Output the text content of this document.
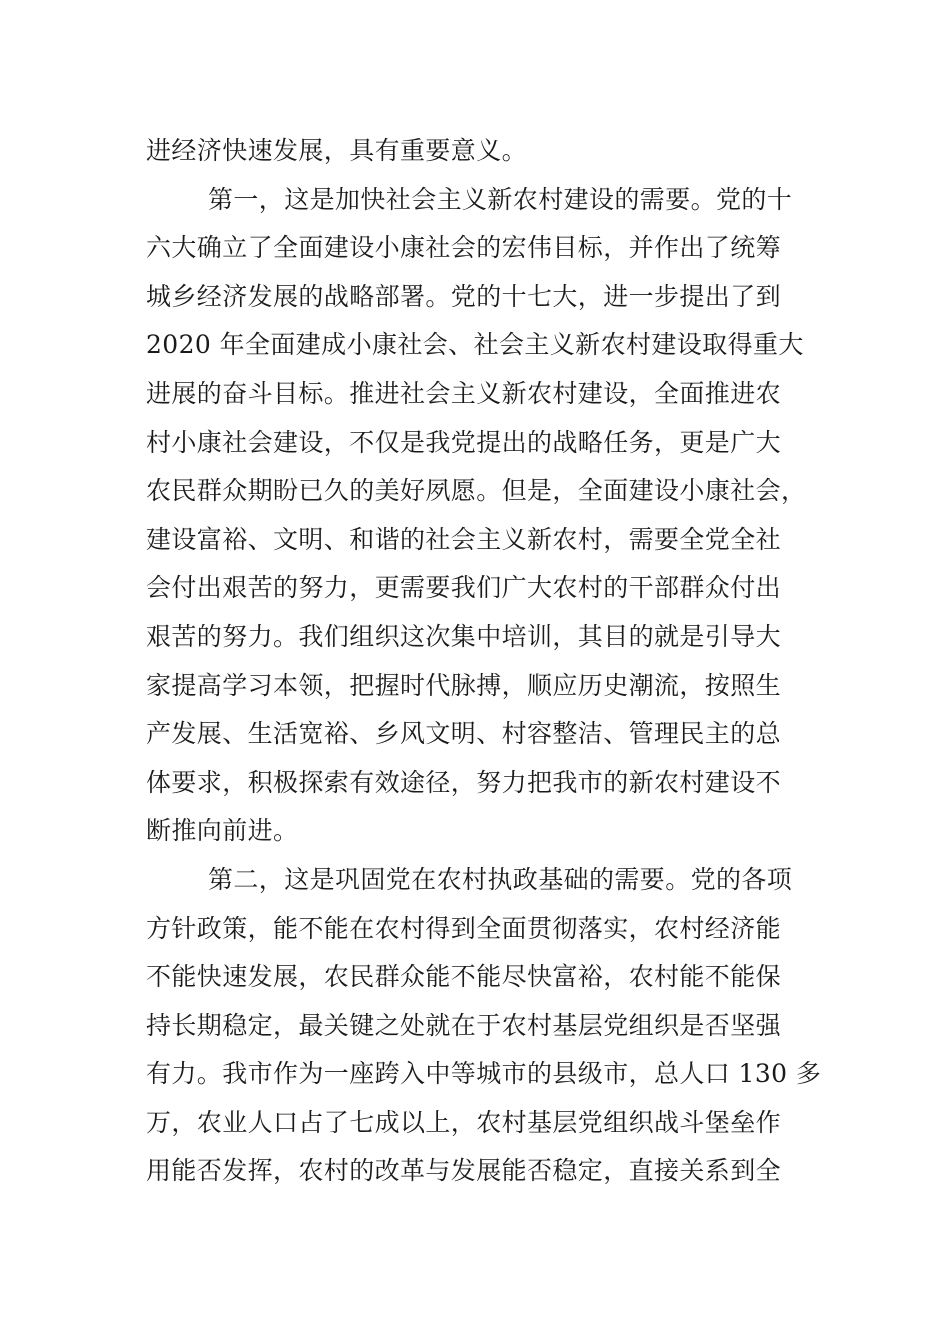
进经济快速发展，具有重要意义。
第一，这是加快社会主义新农村建设的需要。党的十
六大确立了全面建设小康社会的宏伟目标，并作出了统筹
城乡经济发展的战略部署。党的十七大，进一步提出了到
2020 年全面建成小康社会、社会主义新农村建设取得重大
进展的奋斗目标。推进社会主义新农村建设，全面推进农
村小康社会建设，不仅是我党提出的战略任务，更是广大
农民群众期盼已久的美好夙愿。但是，全面建设小康社会，
建设富裕、文明、和谐的社会主义新农村，需要全党全社
会付出艰苦的努力，更需要我们广大农村的干部群众付出
艰苦的努力。我们组织这次集中培训，其目的就是引导大
家提高学习本领，把握时代脉搏，顺应历史潮流，按照生
产发展、生活宽裕、乡风文明、村容整洁、管理民主的总
体要求，积极探索有效途径，努力把我市的新农村建设不
断推向前进。
第二，这是巩固党在农村执政基础的需要。党的各项
方针政策，能不能在农村得到全面贯彻落实，农村经济能
不能快速发展，农民群众能不能尽快富裕，农村能不能保
持长期稳定，最关键之处就在于农村基层党组织是否坚强
有力。我市作为一座跨入中等城市的县级市，总人口 130 多
万，农业人口占了七成以上，农村基层党组织战斗堡垒作
用能否发挥，农村的改革与发展能否稳定，直接关系到全
